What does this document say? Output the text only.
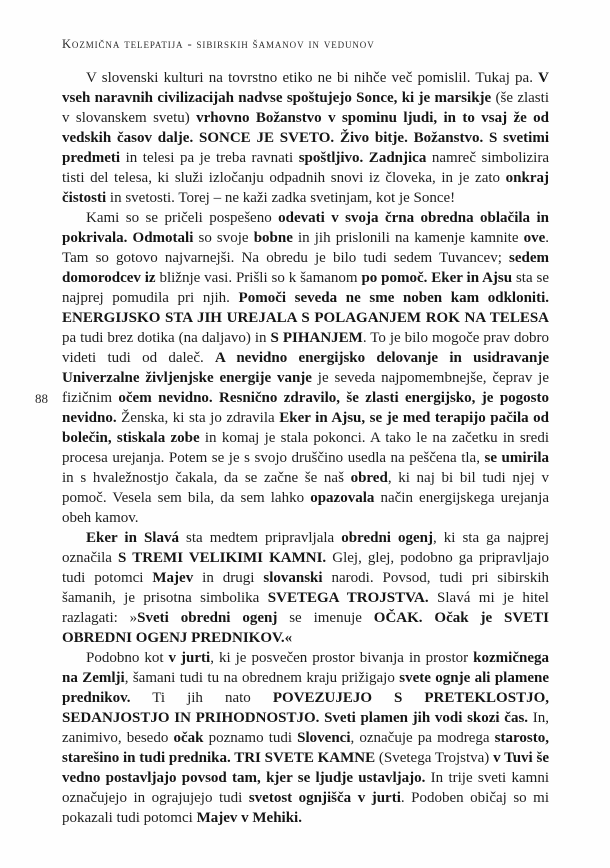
Kozmična telepatija - sibirskih šamanov in vedunov
88

V slovenski kulturi na tovrstno etiko ne bi nihče več pomislil. Tukaj pa. V vseh naravnih civilizacijah nadvse spoštujejo Sonce, ki je marsikje (še zlasti v slovanskem svetu) vrhovno Božanstvo v spominu ljudi, in to vsaj že od vedskih časov dalje. SONCE JE SVETO. Živo bitje. Božanstvo. S svetimi predmeti in telesi pa je treba ravnati spoštljivo. Zadnjica namreč simbolizira tisti del telesa, ki služi izločanju odpadnih snovi iz človeka, in je zato onkraj čistosti in svetosti. Torej – ne kaži zadka svetinjam, kot je Sonce!

Kami so se pričeli pospešeno odevati v svoja črna obredna oblačila in pokrivala. Odmotali so svoje bobne in jih prislonili na kamenje kamnite ove. Tam so gotovo najvarnejši. Na obredu je bilo tudi sedem Tuvancev; sedem domorodcev iz bližnje vasi. Prišli so k šamanom po pomoč. Eker in Ajsu sta se najprej pomudila pri njih. Pomoči seveda ne sme noben kam odkloniti. ENERGIJSKO STA JIH UREJALA S POLAGANJEM ROK NA TELESA pa tudi brez dotika (na daljavo) in S PIHANJEM. To je bilo mogoče prav dobro videti tudi od daleč. A nevidno energijsko delovanje in usidravanje Univerzalne življenjske energije vanje je seveda najpomembnejše, čeprav je fizičnim očem nevidno. Resnično zdravilo, še zlasti energijsko, je pogosto nevidno. Ženska, ki sta jo zdravila Eker in Ajsu, se je med terapijo pačila od bolečin, stiskala zobe in komaj je stala pokonci. A tako le na začetku in sredi procesa urejanja. Potem se je s svojo druščino usedla na peščena tla, se umirila in s hvaležnostjo čakala, da se začne še naš obred, ki naj bi bil tudi njej v pomoč. Vesela sem bila, da sem lahko opazovala način energijskega urejanja obeh kamov.

Eker in Slavá sta medtem pripravljala obredni ogenj, ki sta ga najprej označila S TREMI VELIKIMI KAMNI. Glej, glej, podobno ga pripravljajo tudi potomci Majev in drugi slovanski narodi. Povsod, tudi pri sibirskih šamanih, je prisotna simbolika SVETEGA TROJSTVA. Slavá mi je hitel razlagati: »Sveti obredni ogenj se imenuje OČAK. Očak je SVETI OBREDNI OGENJ PREDNIKOV.«

Podobno kot v jurti, ki je posvečen prostor bivanja in prostor kozmičnega na Zemlji, šamani tudi tu na obrednem kraju prižigajo svete ognje ali plamene prednikov. Ti jih nato POVEZUJEJO S PRETEKLOSTJO, SEDANJOSTJO IN PRIHODNOSTJO. Sveti plamen jih vodi skozi čas. In, zanimivo, besedo očak poznamo tudi Slovenci, označuje pa modrega starosto, starešino in tudi prednika. TRI SVETE KAMNE (Svetega Trojstva) v Tuvi še vedno postavljajo povsod tam, kjer se ljudje ustavljajo. In trije sveti kamni označujejo in ograjujejo tudi svetost ognjišča v jurti. Podoben običaj so mi pokazali tudi potomci Majev v Mehiki.
